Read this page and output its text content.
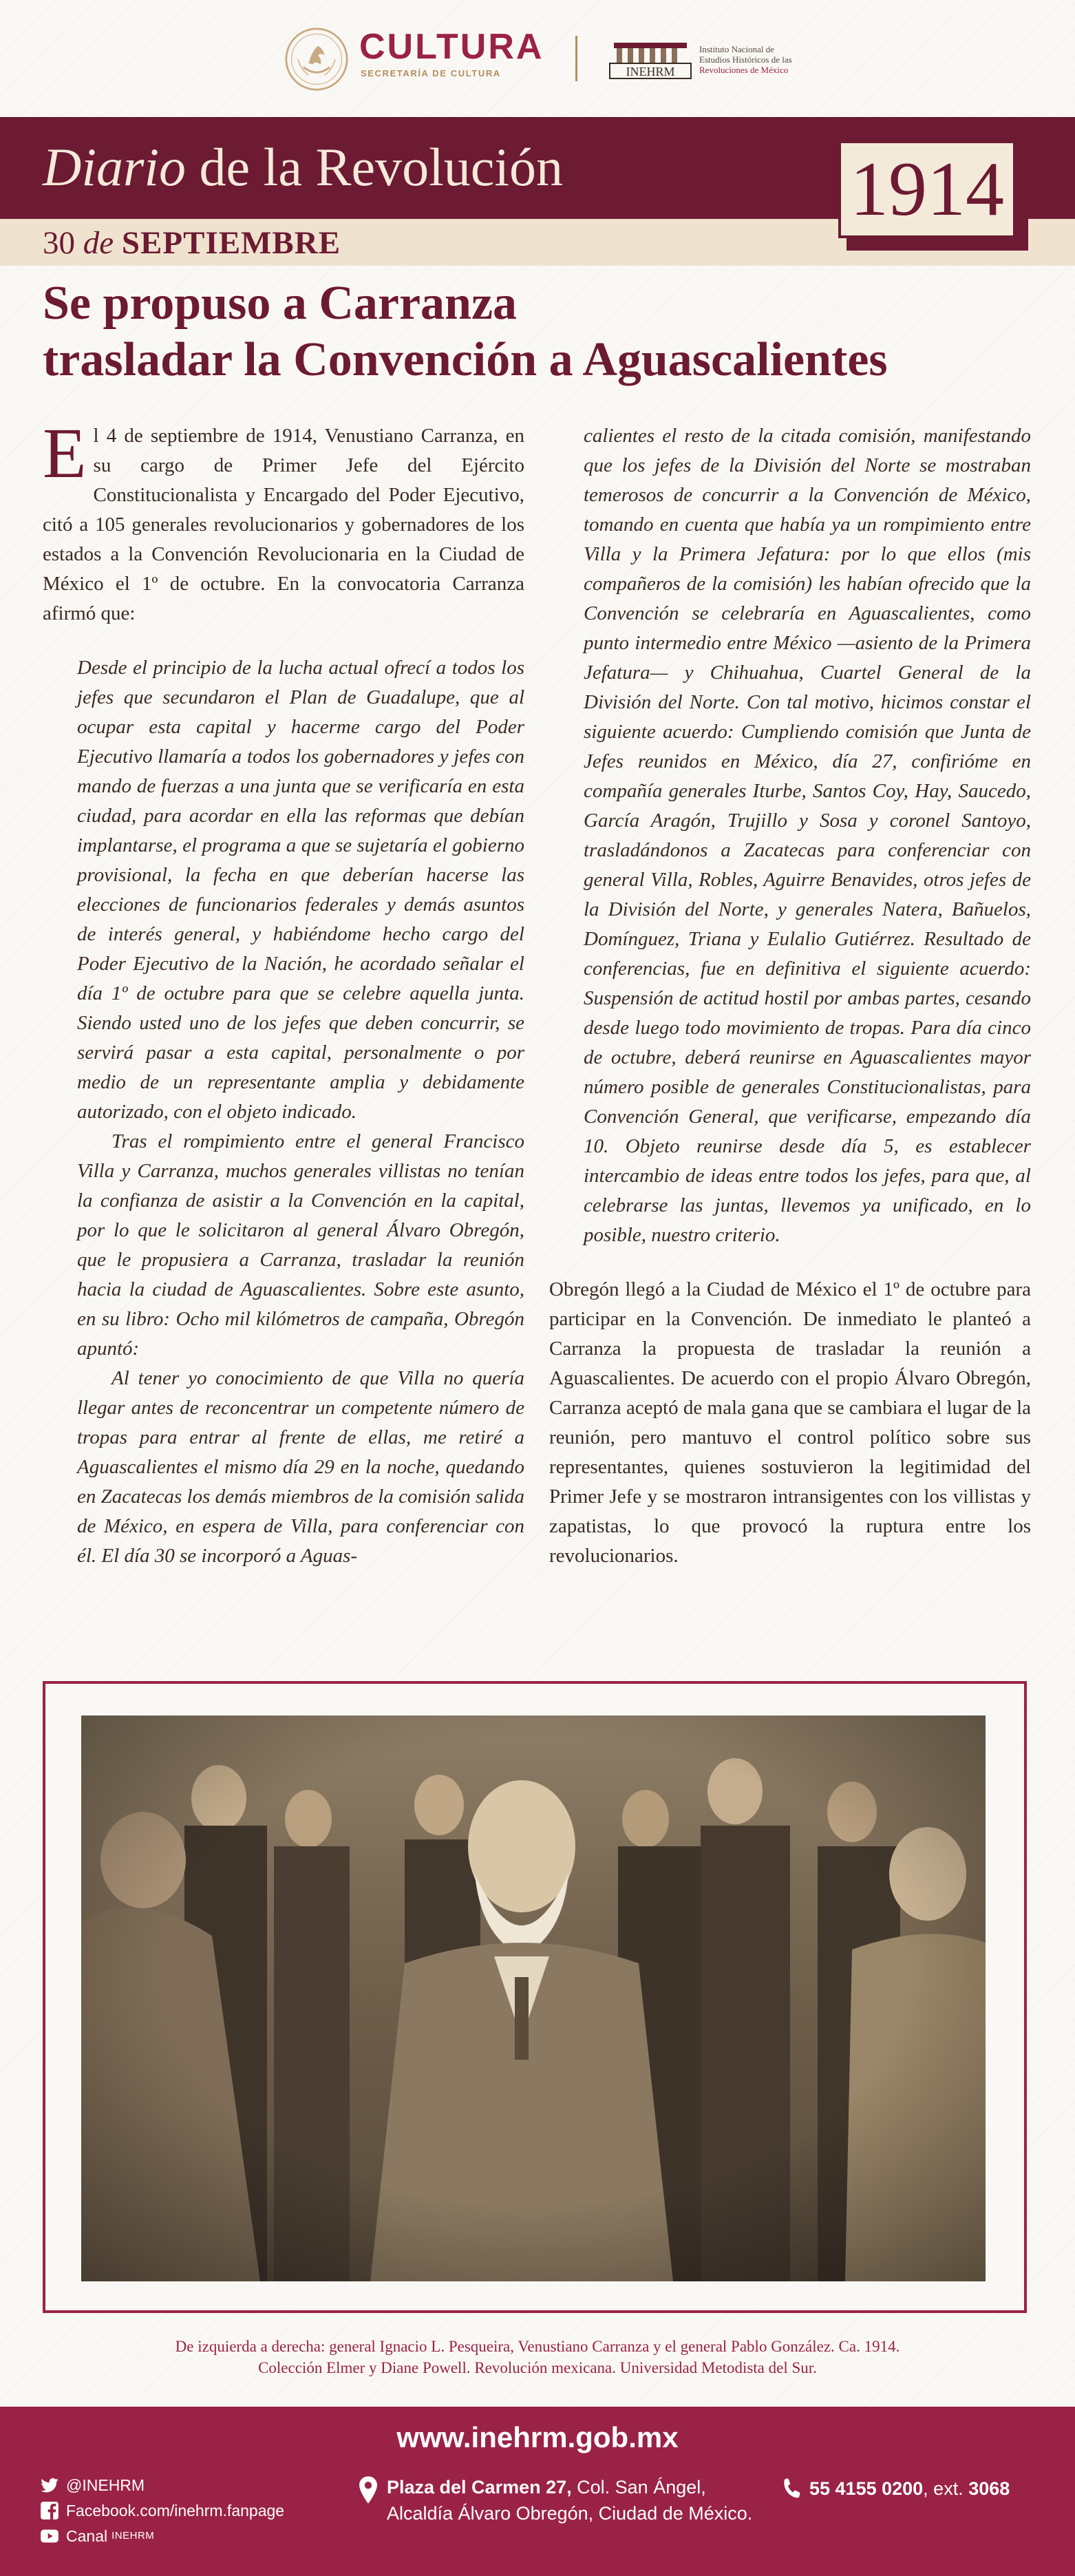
CULTURA
SECRETARÍA DE CULTURA	INEHRM
Instituto Nacional de
Estudios Históricos de las
Revoluciones de México
Diario de la Revolución
30 de SEPTIEMBRE
1914
Se propuso a Carranza
trasladar la Convención a Aguascalientes

El 4 de septiembre de 1914, Venustiano Carranza, en su cargo de Primer Jefe del Ejército Constitucionalista y Encargado del Poder Ejecutivo, citó a 105 generales revolucionarios y gobernadores de los estados a la Convención Revolucionaria en la Ciudad de México el 1º de octubre. En la convocatoria Carranza afirmó que:

Desde el principio de la lucha actual ofrecí a todos los jefes que secundaron el Plan de Guadalupe, que al ocupar esta capital y hacerme cargo del Poder Ejecutivo llamaría a todos los gobernadores y jefes con mando de fuerzas a una junta que se verificaría en esta ciudad, para acordar en ella las reformas que debían implantarse, el programa a que se sujetaría el gobierno provisional, la fecha en que deberían hacerse las elecciones de funcionarios federales y demás asuntos de interés general, y habiéndome hecho cargo del Poder Ejecutivo de la Nación, he acordado señalar el día 1º de octubre para que se celebre aquella junta. Siendo usted uno de los jefes que deben concurrir, se servirá pasar a esta capital, personalmente o por medio de un representante amplia y debidamente autorizado, con el objeto indicado.

Tras el rompimiento entre el general Francisco Villa y Carranza, muchos generales villistas no tenían la confianza de asistir a la Convención en la capital, por lo que le solicitaron al general Álvaro Obregón, que le propusiera a Carranza, trasladar la reunión hacia la ciudad de Aguascalientes. Sobre este asunto, en su libro: Ocho mil kilómetros de campaña, Obregón apuntó:

Al tener yo conocimiento de que Villa no quería llegar antes de reconcentrar un competente número de tropas para entrar al frente de ellas, me retiré a Aguascalientes el mismo día 29 en la noche, quedando en Zacatecas los demás miembros de la comisión salida de México, en espera de Villa, para conferenciar con él. El día 30 se incorporó a Aguas-

calientes el resto de la citada comisión, manifestando que los jefes de la División del Norte se mostraban temerosos de concurrir a la Convención de México, tomando en cuenta que había ya un rompimiento entre Villa y la Primera Jefatura: por lo que ellos (mis compañeros de la comisión) les habían ofrecido que la Convención se celebraría en Aguascalientes, como punto intermedio entre México —asiento de la Primera Jefatura— y Chihuahua, Cuartel General de la División del Norte. Con tal motivo, hicimos constar el siguiente acuerdo: Cumpliendo comisión que Junta de Jefes reunidos en México, día 27, confirióme en compañía generales Iturbe, Santos Coy, Hay, Saucedo, García Aragón, Trujillo y Sosa y coronel Santoyo, trasladándonos a Zacatecas para conferenciar con general Villa, Robles, Aguirre Benavides, otros jefes de la División del Norte, y generales Natera, Bañuelos, Domínguez, Triana y Eulalio Gutiérrez. Resultado de conferencias, fue en definitiva el siguiente acuerdo: Suspensión de actitud hostil por ambas partes, cesando desde luego todo movimiento de tropas. Para día cinco de octubre, deberá reunirse en Aguascalientes mayor número posible de generales Constitucionalistas, para Convención General, que verificarse, empezando día 10. Objeto reunirse desde día 5, es establecer intercambio de ideas entre todos los jefes, para que, al celebrarse las juntas, llevemos ya unificado, en lo posible, nuestro criterio.

Obregón llegó a la Ciudad de México el 1º de octubre para participar en la Convención. De inmediato le planteó a Carranza la propuesta de trasladar la reunión a Aguascalientes. De acuerdo con el propio Álvaro Obregón, Carranza aceptó de mala gana que se cambiara el lugar de la reunión, pero mantuvo el control político sobre sus representantes, quienes sostuvieron la legitimidad del Primer Jefe y se mostraron intransigentes con los villistas y zapatistas, lo que provocó la ruptura entre los revolucionarios.

De izquierda a derecha: general Ignacio L. Pesqueira, Venustiano Carranza y el general Pablo González. Ca. 1914.
Colección Elmer y Diane Powell. Revolución mexicana. Universidad Metodista del Sur.
www.inehrm.gob.mx
@INEHRM
Facebook.com/inehrm.fanpage
Canal INEHRM
Plaza del Carmen 27, Col. San Ángel,
Alcaldía Álvaro Obregón, Ciudad de México.
55 4155 0200, ext. 3068
